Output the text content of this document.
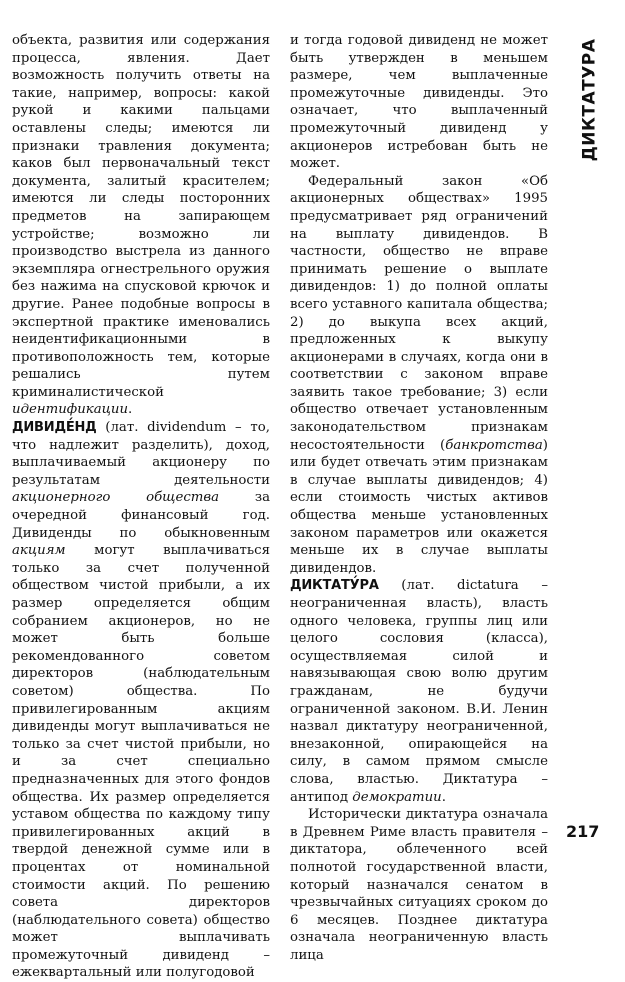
объекта, развития или содержания процесса, явления. Дает возможность получить ответы на такие, например, вопросы: какой рукой и какими пальцами оставлены следы; имеются ли признаки травления документа; каков был первоначальный текст документа, залитый красителем; имеются ли следы посторонних предметов на запирающем устройстве; возможно ли производство выстрела из данного экземпляра огнестрельного оружия без нажима на спусковой крючок и другие. Ранее подобные вопросы в экспертной практике именовались неидентификационными в противоположность тем, которые решались путем криминалистической идентификации.

ДИВИДЕ́НД (лат. dividendum – то, что надлежит разделить), доход, выплачиваемый акционеру по результатам деятельности акционерного общества за очередной финансовый год. Дивиденды по обыкновенным акциям могут выплачиваться только за счет полученной обществом чистой прибыли, а их размер определяется общим собранием акционеров, но не может быть больше рекомендованного советом директоров (наблюдательным советом) общества. По привилегированным акциям дивиденды могут выплачиваться не только за счет чистой прибыли, но и за счет специально предназначенных для этого фондов общества. Их размер определяется уставом общества по каждому типу привилегированных акций в твердой денежной сумме или в процентах от номинальной стоимости акций. По решению совета директоров (наблюдательного совета) общество может выплачивать промежуточный дивиденд – ежеквартальный или полугодовой

и тогда годовой дивиденд не может быть утвержден в меньшем размере, чем выплаченные промежуточные дивиденды. Это означает, что выплаченный промежуточный дивиденд у акционеров истребован быть не может.

Федеральный закон «Об акционерных обществах» 1995 предусматривает ряд ограничений на выплату дивидендов. В частности, общество не вправе принимать решение о выплате дивидендов: 1) до полной оплаты всего уставного капитала общества; 2) до выкупа всех акций, предложенных к выкупу акционерами в случаях, когда они в соответствии с законом вправе заявить такое требование; 3) если общество отвечает установленным законодательством признакам несостоятельности (банкротства) или будет отвечать этим признакам в случае выплаты дивидендов; 4) если стоимость чистых активов общества меньше установленных законом параметров или окажется меньше их в случае выплаты дивидендов.

ДИКТАТУ́РА (лат. dictatura – неограниченная власть), власть одного человека, группы лиц или целого сословия (класса), осуществляемая силой и навязывающая свою волю другим гражданам, не будучи ограниченной законом. В.И. Ленин назвал диктатуру неограниченной, внезаконной, опирающейся на силу, в самом прямом смысле слова, властью. Диктатура – антипод демократии.

Исторически диктатура означала в Древнем Риме власть правителя – диктатора, облеченного всей полнотой государственной власти, который назначался сенатом в чрезвычайных ситуациях сроком до 6 месяцев. Позднее диктатура означала неограниченную власть лица

ДИКТАТУРА
217
